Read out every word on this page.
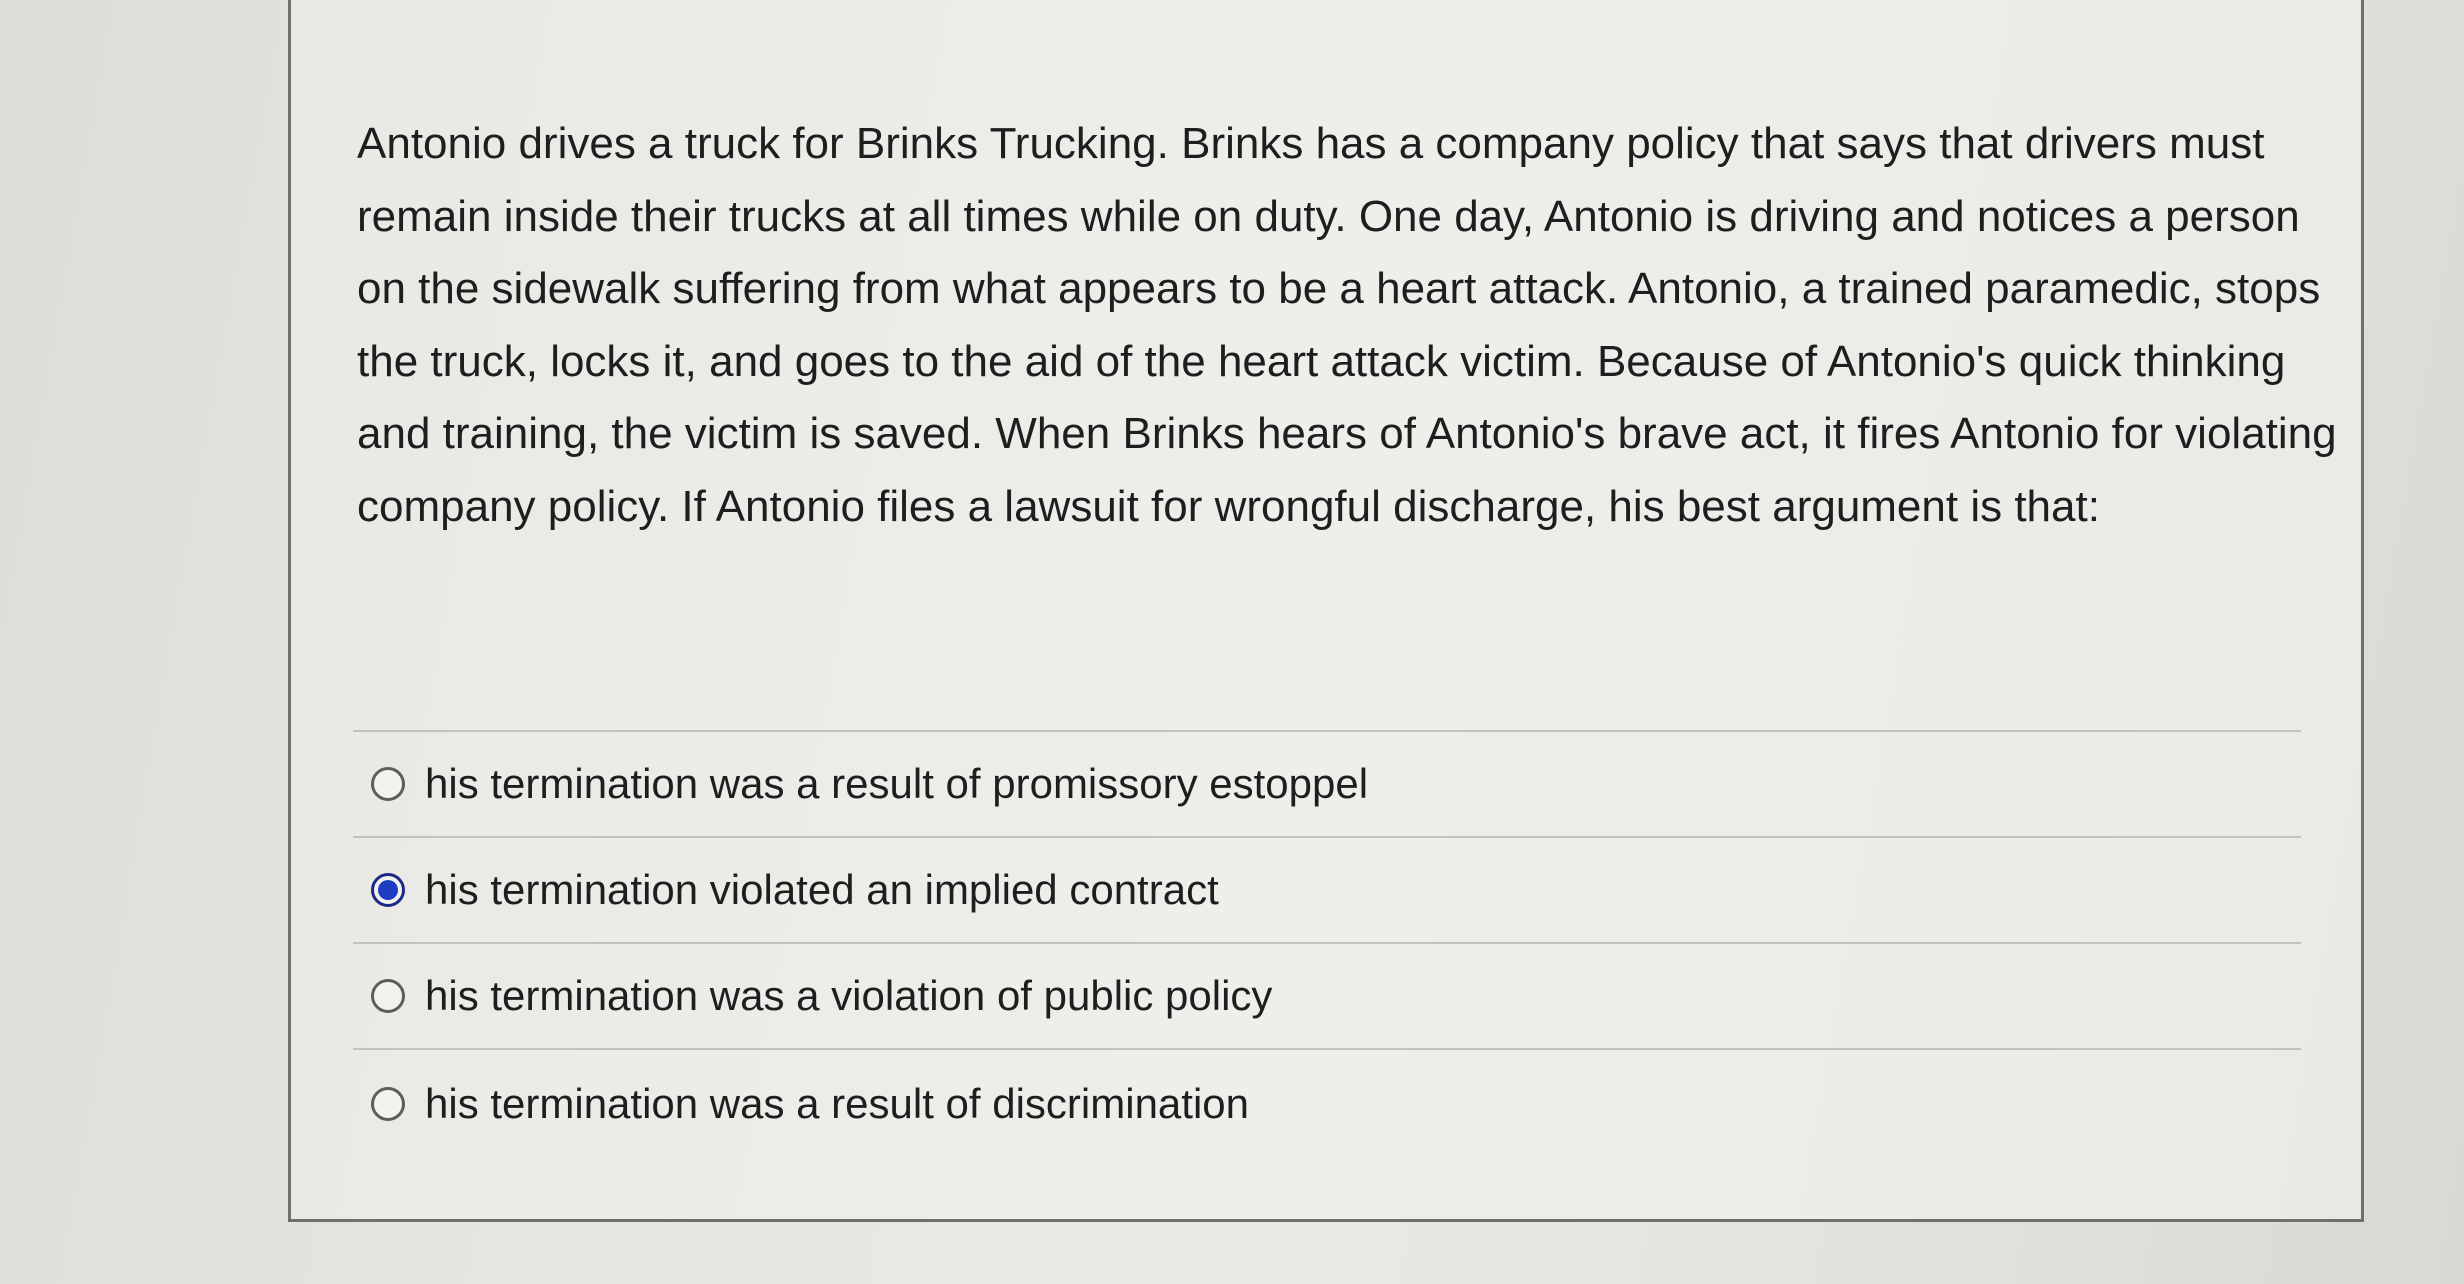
Antonio drives a truck for Brinks Trucking. Brinks has a company policy that says that drivers must remain inside their trucks at all times while on duty. One day, Antonio is driving and notices a person on the sidewalk suffering from what appears to be a heart attack. Antonio, a trained paramedic, stops the truck, locks it, and goes to the aid of the heart attack victim. Because of Antonio's quick thinking and training, the victim is saved. When Brinks hears of Antonio's brave act, it fires Antonio for violating company policy. If Antonio files a lawsuit for wrongful discharge, his best argument is that:

his termination was a result of promissory estoppel
his termination violated an implied contract
his termination was a violation of public policy
his termination was a result of discrimination
